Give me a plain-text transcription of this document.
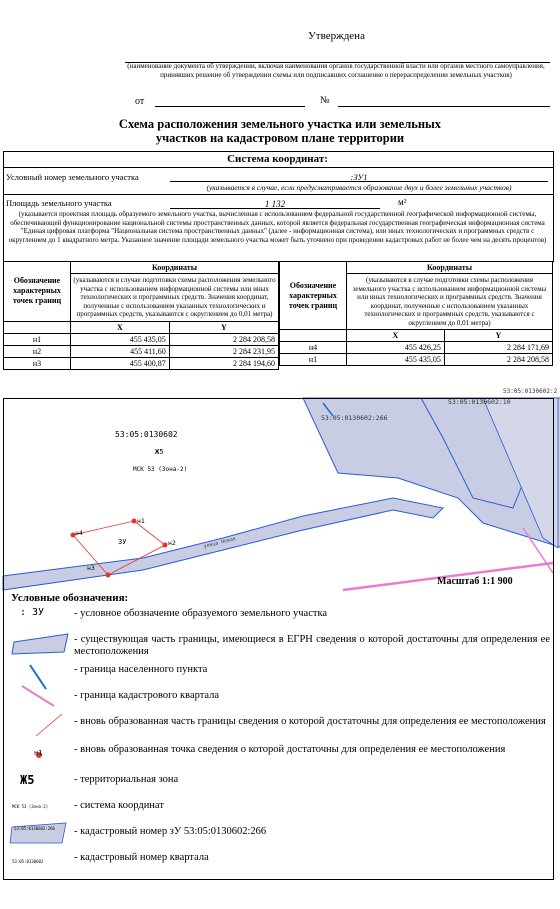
Утверждена
(наименование документа об утверждении, включая наименования органов государственной власти или органов местного самоуправления, принявших решение об утверждении схемы или подписавших соглашение о перераспределении земельных участков)
от	№
Схема расположения земельного участка или земельных
участков на кадастровом плане территории
Система координат:
Условный номер земельного участка	:ЗУ1
(указывается в случае, если предусматривается образование двух и более земельных участков)
Площадь земельного участка	1 132	м²
(указывается проектная площадь образуемого земельного участка, вычисленная с использованием федеральной государственной географической информационной системы, обеспечивающей функционирование национальной системы пространственных данных, которой является федеральная государственная географическая информационная система "Единая цифровая платформа "Национальная система пространственных данных" (далее - информационная система), или иных технологических и программных средств с округлением до 1 квадратного метра. Указанное значение площади земельного участка может быть уточнено при проведении кадастровых работ не более чем на десять процентов)
Обозначение характерных точек границ	Координаты	
	(указываются в случае подготовки схемы расположения земельного участка с использованием информационной системы или иных технологических и программных средств. Значения координат, полученные с использованием указанных технологических и программных средств, указываются с округлением до 0,01 метра)	
	X	Y
н1	455 435,05	2 284 208,58
н2	455 411,60	2 284 231,95
н3	455 400,87	2 284 194,60
Обозначение характерных точек границ	Координаты	
	(указываются в случае подготовки схемы расположения земельного участка с использованием информационной системы или иных технологических и программных средств. Значения координат, полученные с использованием указанных технологических и программных средств, указываются с округлением до 0,01 метра)	
	X	Y
н4	455 426,25	2 284 171,69
н1	455 435,05	2 284 208,58
53:05:0130602
Ж5
МСК 53 (Зона-2)
53:05:0130602:266
53:05:0130602:10
53:05:0130602:2
ЗУ
н1
н2
н3
н4
улица Новая
Масштаб 1:1 900
Условные обозначения:
: ЗУ	- условное обозначение образуемого земельного участка
- существующая часть границы, имеющиеся в ЕГРН сведения о которой достаточны для определения ее местоположения
- граница населенного пункта
- граница кадастрового квартала
- вновь образованная часть границы сведения о которой достаточны для определения ее местоположения
н1	- вновь образованная точка сведения о которой достаточны для определения ее местоположения
Ж5	- территориальная зона
МСК 53 (Зона-2) - система координат
53:05:0130602:266 - кадастровый номер зУ 53:05:0130602:266
53:05:0130602	- кадастровый номер квартала
